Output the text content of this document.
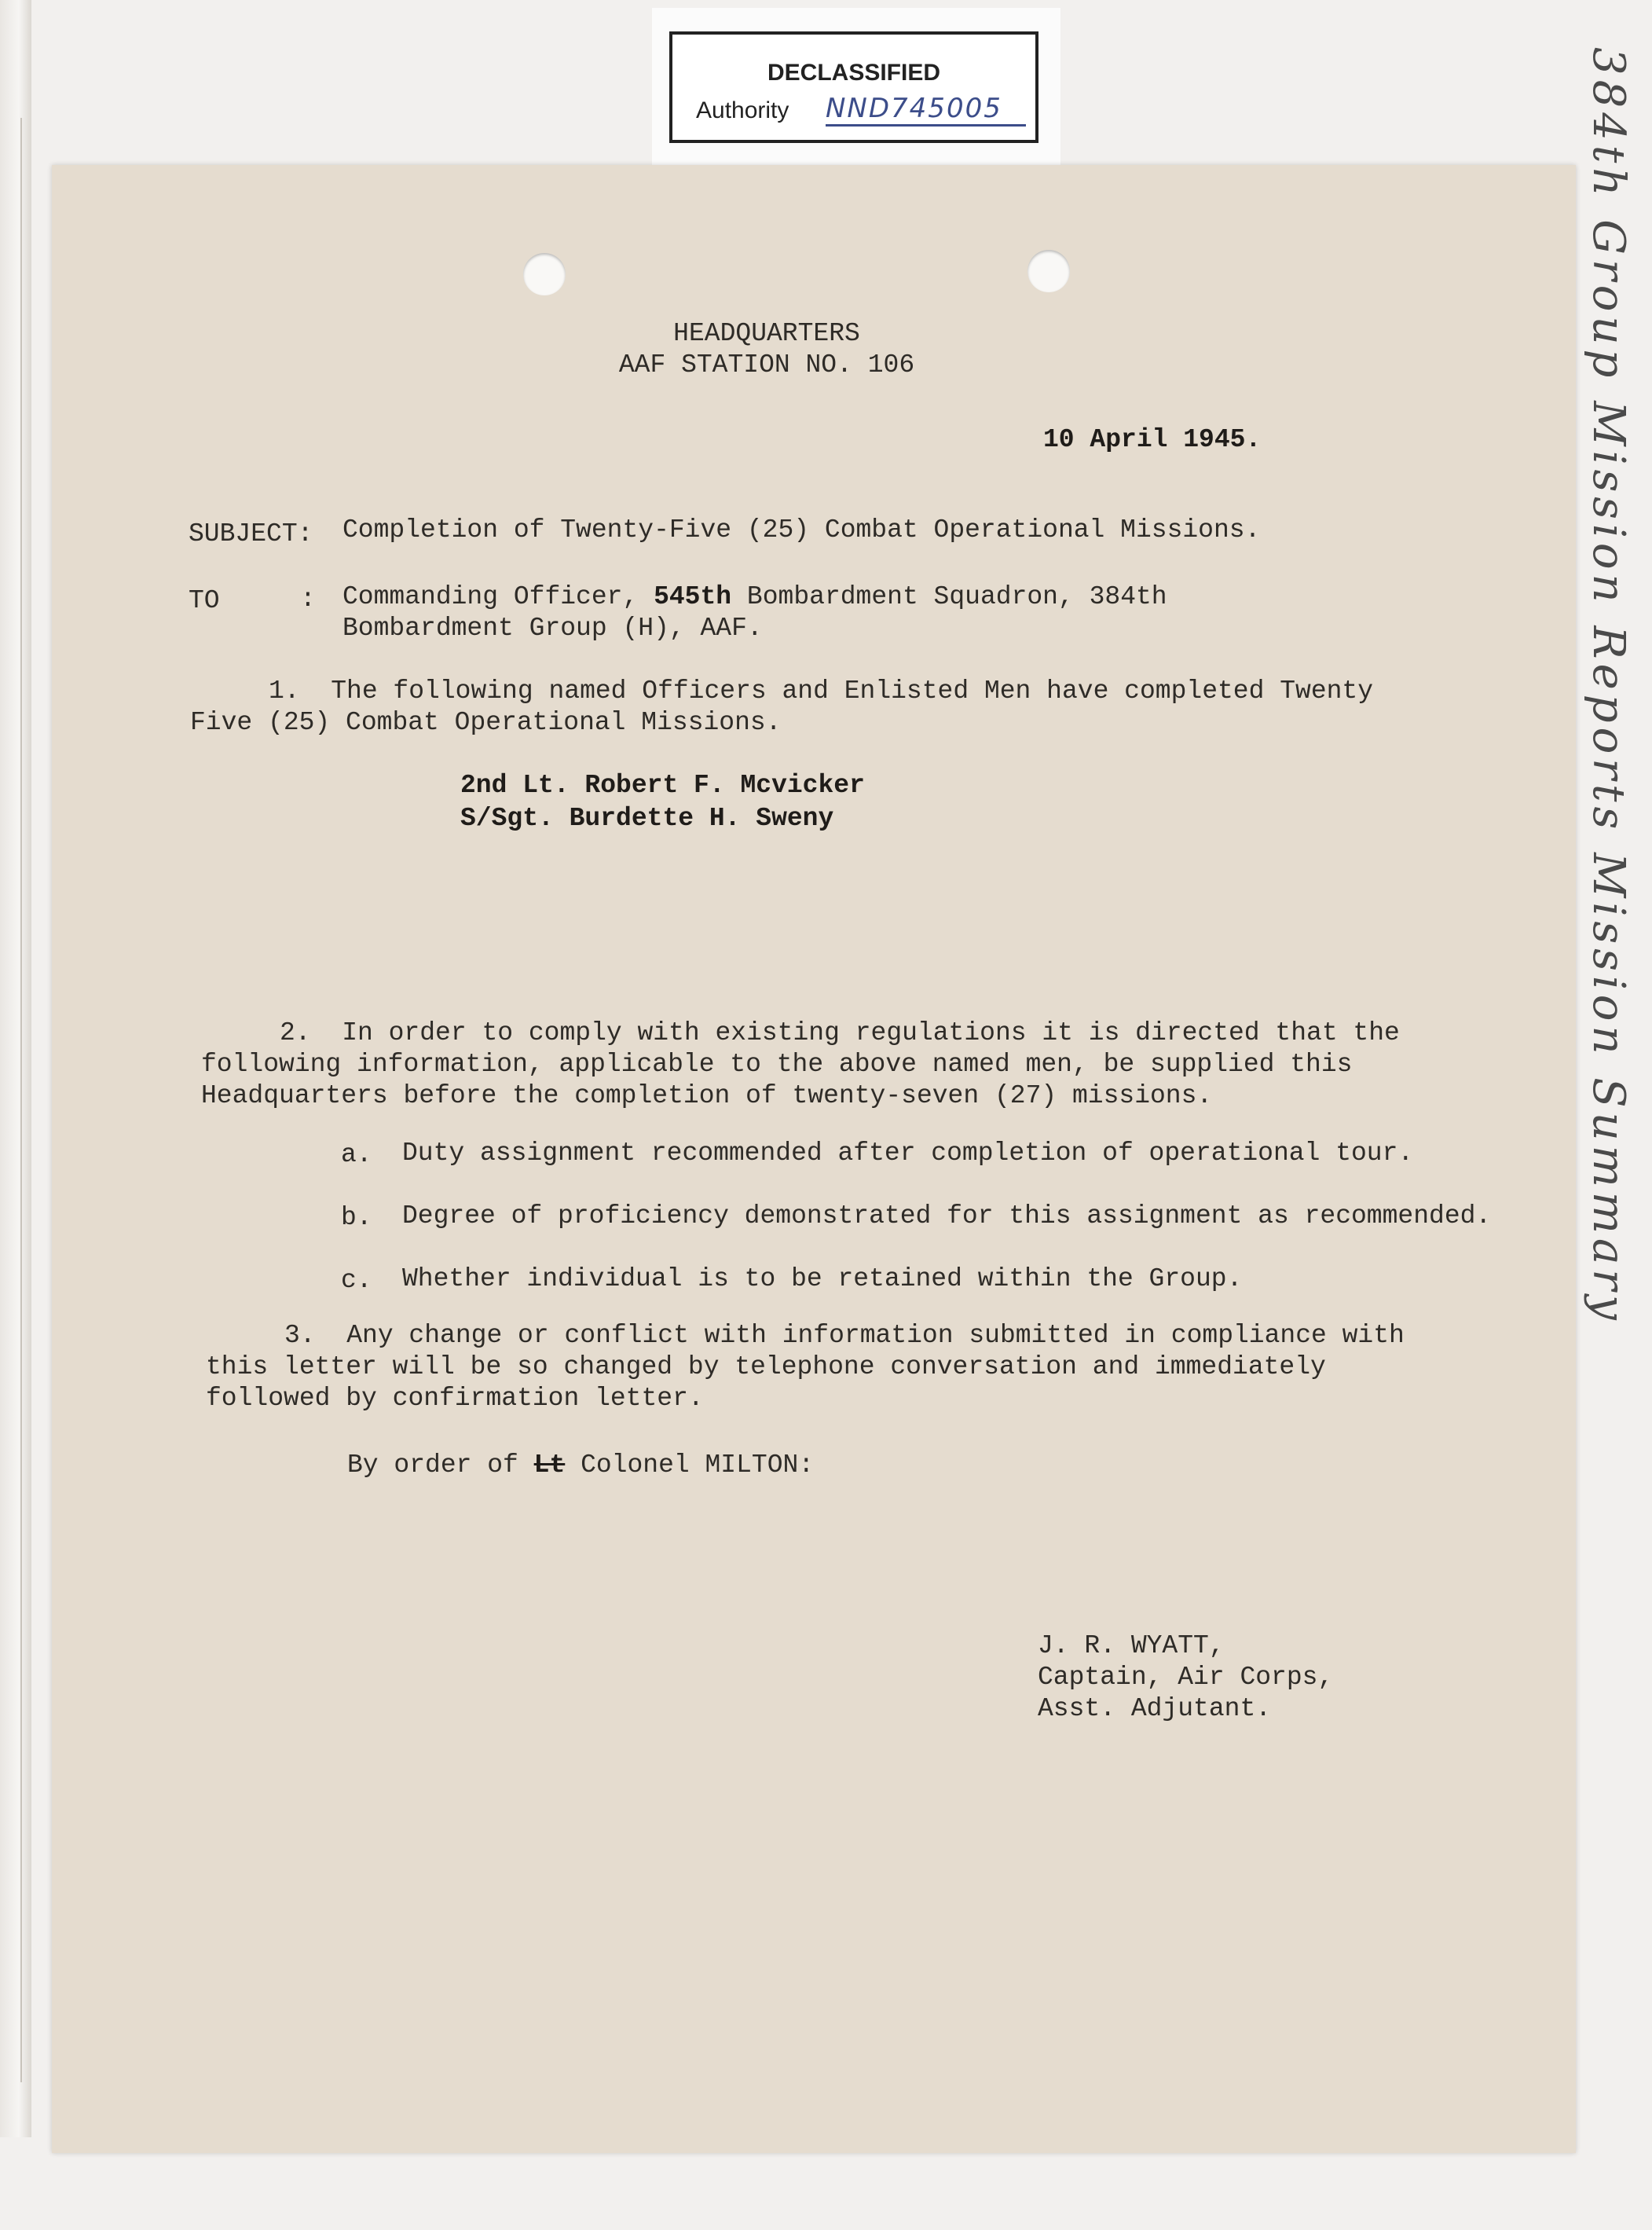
DECLASSIFIED
Authority NND745005
HEADQUARTERS
AAF STATION NO. 106
10 April 1945.
SUBJECT: Completion of Twenty-Five (25) Combat Operational Missions.
TO	: Commanding Officer, 545th Bombardment Squadron, 384th
Bombardment Group (H), AAF.
1.  The following named Officers and Enlisted Men have completed Twenty
Five (25) Combat Operational Missions.
2nd Lt. Robert F. Mcvicker
S/Sgt. Burdette H. Sweny
2.  In order to comply with existing regulations it is directed that the
following information, applicable to the above named men, be supplied this
Headquarters before the completion of twenty-seven (27) missions.
a. Duty assignment recommended after completion of operational tour.
b. Degree of proficiency demonstrated for this assignment as recommended.
c. Whether individual is to be retained within the Group.
3.  Any change or conflict with information submitted in compliance with
this letter will be so changed by telephone conversation and immediately
followed by confirmation letter.
By order of Lt Colonel MILTON:
J. R. WYATT,
Captain, Air Corps,
Asst. Adjutant.
384th Group Mission Reports Mission Summary
